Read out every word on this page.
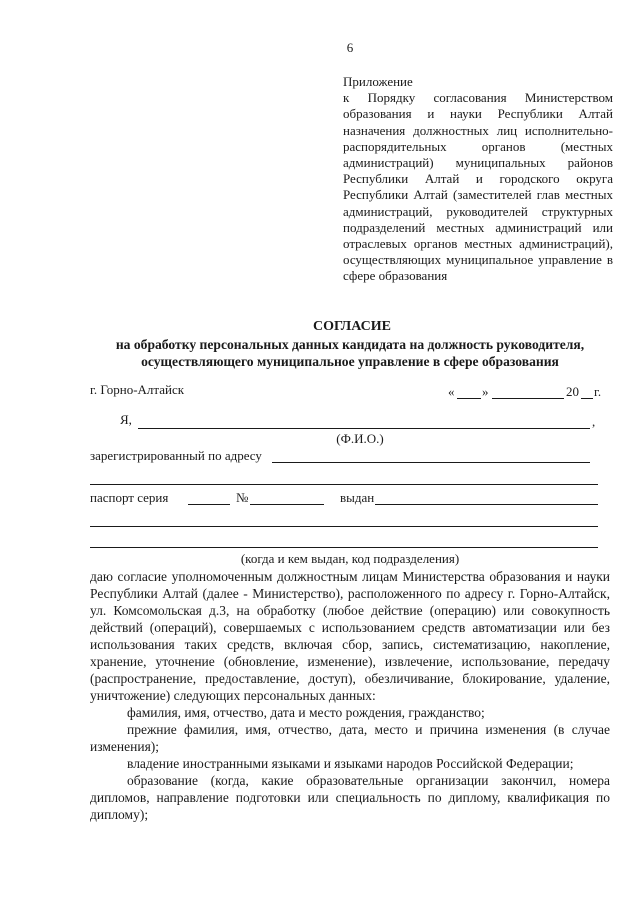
6
Приложение
к Порядку согласования Министерством
образования и науки Республики Алтай
назначения должностных лиц исполнительно-
распорядительных органов (местных
администраций) муниципальных районов
Республики Алтай и городского округа
Республики Алтай (заместителей глав местных
администраций, руководителей структурных
подразделений местных администраций или
отраслевых органов местных администраций),
осуществляющих муниципальное управление в
сфере образования
СОГЛАСИЕ
на обработку персональных данных кандидата на должность руководителя,
осуществляющего муниципальное управление в сфере образования
г. Горно-Алтайск	« »	20 г.
Я,	,
(Ф.И.О.)
зарегистрированный по адресу
паспорт серия	№	выдан
(когда и кем выдан, код подразделения)

даю согласие уполномоченным должностным лицам Министерства образования и науки Республики Алтай (далее - Министерство), расположенного по адресу г. Горно-Алтайск, ул. Комсомольская д.3, на обработку (любое действие (операцию) или совокупность действий (операций), совершаемых с использованием средств автоматизации или без использования таких средств, включая сбор, запись, систематизацию, накопление, хранение, уточнение (обновление, изменение), извлечение, использование, передачу (распространение, предоставление, доступ), обезличивание, блокирование, удаление, уничтожение) следующих персональных данных:

фамилия, имя, отчество, дата и место рождения, гражданство;

прежние фамилия, имя, отчество, дата, место и причина изменения (в случае изменения);

владение иностранными языками и языками народов Российской Федерации;

образование (когда, какие образовательные организации закончил, номера дипломов, направление подготовки или специальность по диплому, квалификация по диплому);
